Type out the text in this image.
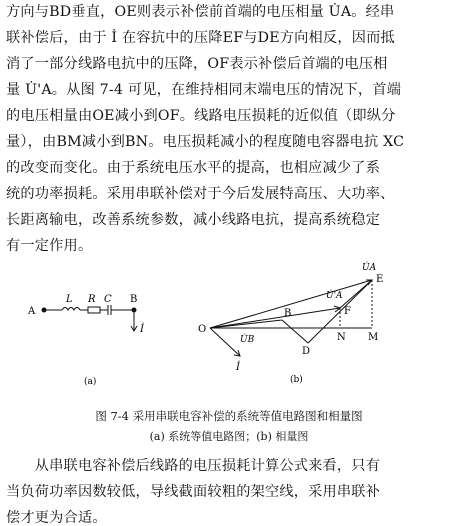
方向与BD垂直，OE则表示补偿前首端的电压相量 U̇A。经串
联补偿后，由于 İ 在容抗中的压降EF与DE方向相反，因而抵
消了一部分线路电抗中的压降，OF表示补偿后首端的电压相
量 U̇'A。从图 7-4 可见，在维持相同末端电压的情况下，首端
的电压相量由OE减小到OF。线路电压损耗的近似值（即纵分
量），由BM减小到BN。电压损耗减小的程度随电容器电抗 XC
的改变而变化。由于系统电压水平的提高，也相应减少了系
统的功率损耗。采用串联补偿对于今后发展特高压、大功率、
长距离输电，改善系统参数，减小线路电抗，提高系统稳定
有一定作用。
A
L R C B
İ
(a)
O
U̇A
U̇'A
E
F
B
N M
D
U̇B
İ
(b)
图 7-4 采用串联电容补偿的系统等值电路图和相量图
(a) 系统等值电路图；(b) 相量图
　　从串联电容补偿后线路的电压损耗计算公式来看，只有
当负荷功率因数较低，导线截面较粗的架空线，采用串联补
偿才更为合适。
